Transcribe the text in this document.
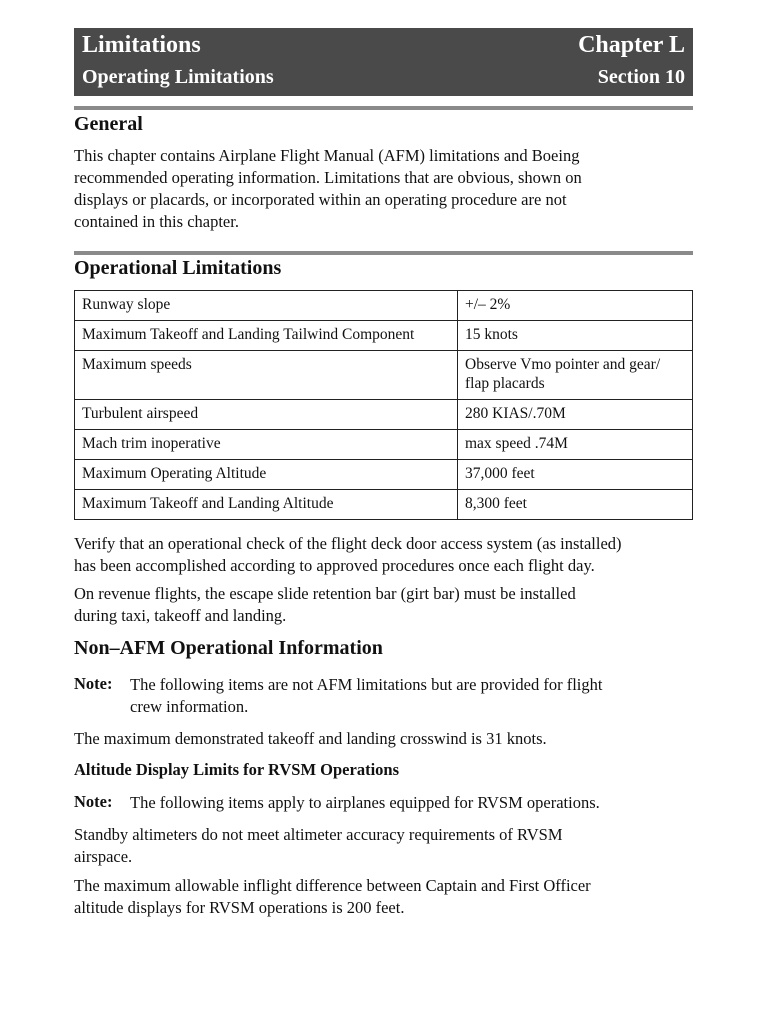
Limitations
Operating Limitations
Chapter L
Section 10
General
This chapter contains Airplane Flight Manual (AFM) limitations and Boeing
recommended operating information. Limitations that are obvious, shown on
displays or placards, or incorporated within an operating procedure are not
contained in this chapter.
Operational Limitations
Runway slope	+/– 2%
Maximum Takeoff and Landing Tailwind Component	15 knots
Maximum speeds	Observe Vmo pointer and gear/ flap placards
Turbulent airspeed	280 KIAS/.70M
Mach trim inoperative	max speed .74M
Maximum Operating Altitude	37,000 feet
Maximum Takeoff and Landing Altitude	8,300 feet
Verify that an operational check of the flight deck door access system (as installed)
has been accomplished according to approved procedures once each flight day.
On revenue flights, the escape slide retention bar (girt bar) must be installed
during taxi, takeoff and landing.
Non–AFM Operational Information
Note: The following items are not AFM limitations but are provided for flight
crew information.
The maximum demonstrated takeoff and landing crosswind is 31 knots.
Altitude Display Limits for RVSM Operations
Note: The following items apply to airplanes equipped for RVSM operations.
Standby altimeters do not meet altimeter accuracy requirements of RVSM
airspace.
The maximum allowable inflight difference between Captain and First Officer
altitude displays for RVSM operations is 200 feet.
